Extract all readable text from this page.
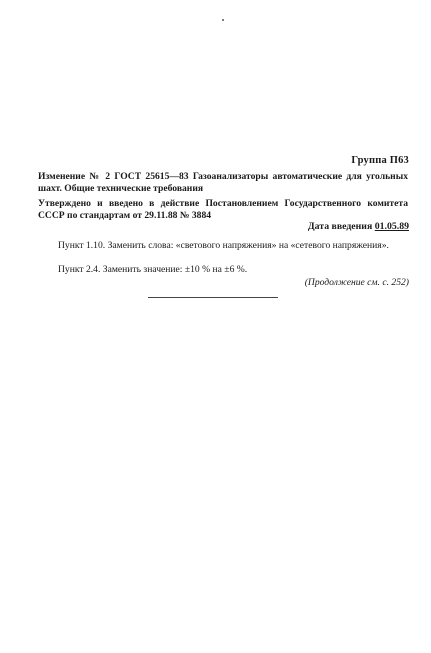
Группа П63
Изменение № 2 ГОСТ 25615—83 Газоанализаторы автоматические для угольных шахт. Общие технические требования
Утверждено и введено в действие Постановлением Государственного комитета СССР по стандартам от 29.11.88 № 3884
Дата введения 01.05.89
Пункт 1.10. Заменить слова: «светового напряжения» на «сетевого напряжения».
Пункт 2.4. Заменить значение: ±10 % на ±6 %.
(Продолжение см. с. 252)
